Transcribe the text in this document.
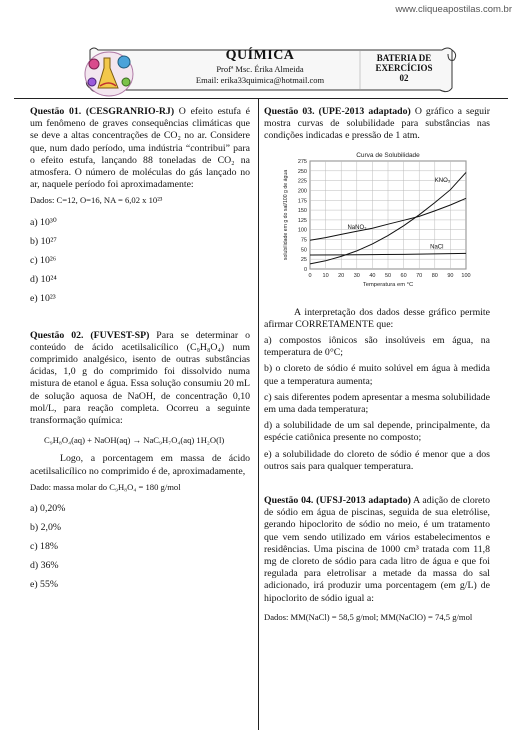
www.cliqueapostilas.com.br
QUÍMICA
Profª Msc. Érika Almeida
Email: erika33quimica@hotmail.com
BATERIA DE
EXERCÍCIOS
02

Questão 01. (CESGRANRIO-RJ) O efeito estufa é um fenômeno de graves consequências climáticas que se deve a altas concentrações de CO₂ no ar. Considere que, num dado período, uma indústria “contribui” para o efeito estufa, lançando 88 toneladas de CO₂ na atmosfera. O número de moléculas do gás lançado no ar, naquele período foi aproximadamente:

Dados: C=12, O=16, NA = 6,02 x 10²³

a) 10³⁰
b) 10²⁷
c) 10²⁶
d) 10²⁴
e) 10²³

Questão 02. (FUVEST-SP) Para se determinar o conteúdo de ácido acetilsalicílico (C₉H₈O₄) num comprimido analgésico, isento de outras substâncias ácidas, 1,0 g do comprimido foi dissolvido numa mistura de etanol e água. Essa solução consumiu 20 mL de solução aquosa de NaOH, de concentração 0,10 mol/L, para reação completa. Ocorreu a seguinte transformação química:

C₉H₈O₄(aq) + NaOH(aq) → NaC₉H₇O₄(aq) 1H₂O(l)

Logo, a porcentagem em massa de ácido acetilsalicílico no comprimido é de, aproximadamente,

Dado: massa molar do C₉H₈O₄ = 180 g/mol

a) 0,20%
b) 2,0%
c) 18%
d) 36%
e) 55%

Questão 03. (UPE-2013 adaptado) O gráfico a seguir mostra curvas de solubilidade para substâncias nas condições indicadas e pressão de 1 atm.

0
25
50
75
100
125
150
175
200
225
250
275
0 10 20 30 40 50 60 70 80 90 100
Curva de Solubilidade
Temperatura em °C
solubilidade em g do sal/100 g de água	KNO₃
NaNO₃
NaCl

A interpretação dos dados desse gráfico permite afirmar CORRETAMENTE que:

a) compostos iônicos são insolúveis em água, na temperatura de 0°C;

b) o cloreto de sódio é muito solúvel em água à medida que a temperatura aumenta;

c) sais diferentes podem apresentar a mesma solubilidade em uma dada temperatura;

d) a solubilidade de um sal depende, principalmente, da espécie catiônica presente no composto;

e) a solubilidade do cloreto de sódio é menor que a dos outros sais para qualquer temperatura.

Questão 04. (UFSJ-2013 adaptado) A adição de cloreto de sódio em água de piscinas, seguida de sua eletrólise, gerando hipoclorito de sódio no meio, é um tratamento que vem sendo utilizado em vários estabelecimentos e residências. Uma piscina de 1000 cm³ tratada com 11,8 mg de cloreto de sódio para cada litro de água e que foi regulada para eletrolisar a metade da massa do sal adicionado, irá produzir uma porcentagem (em g/L) de hipoclorito de sódio igual a:

Dados: MM(NaCl) = 58,5 g/mol; MM(NaClO) = 74,5 g/mol
